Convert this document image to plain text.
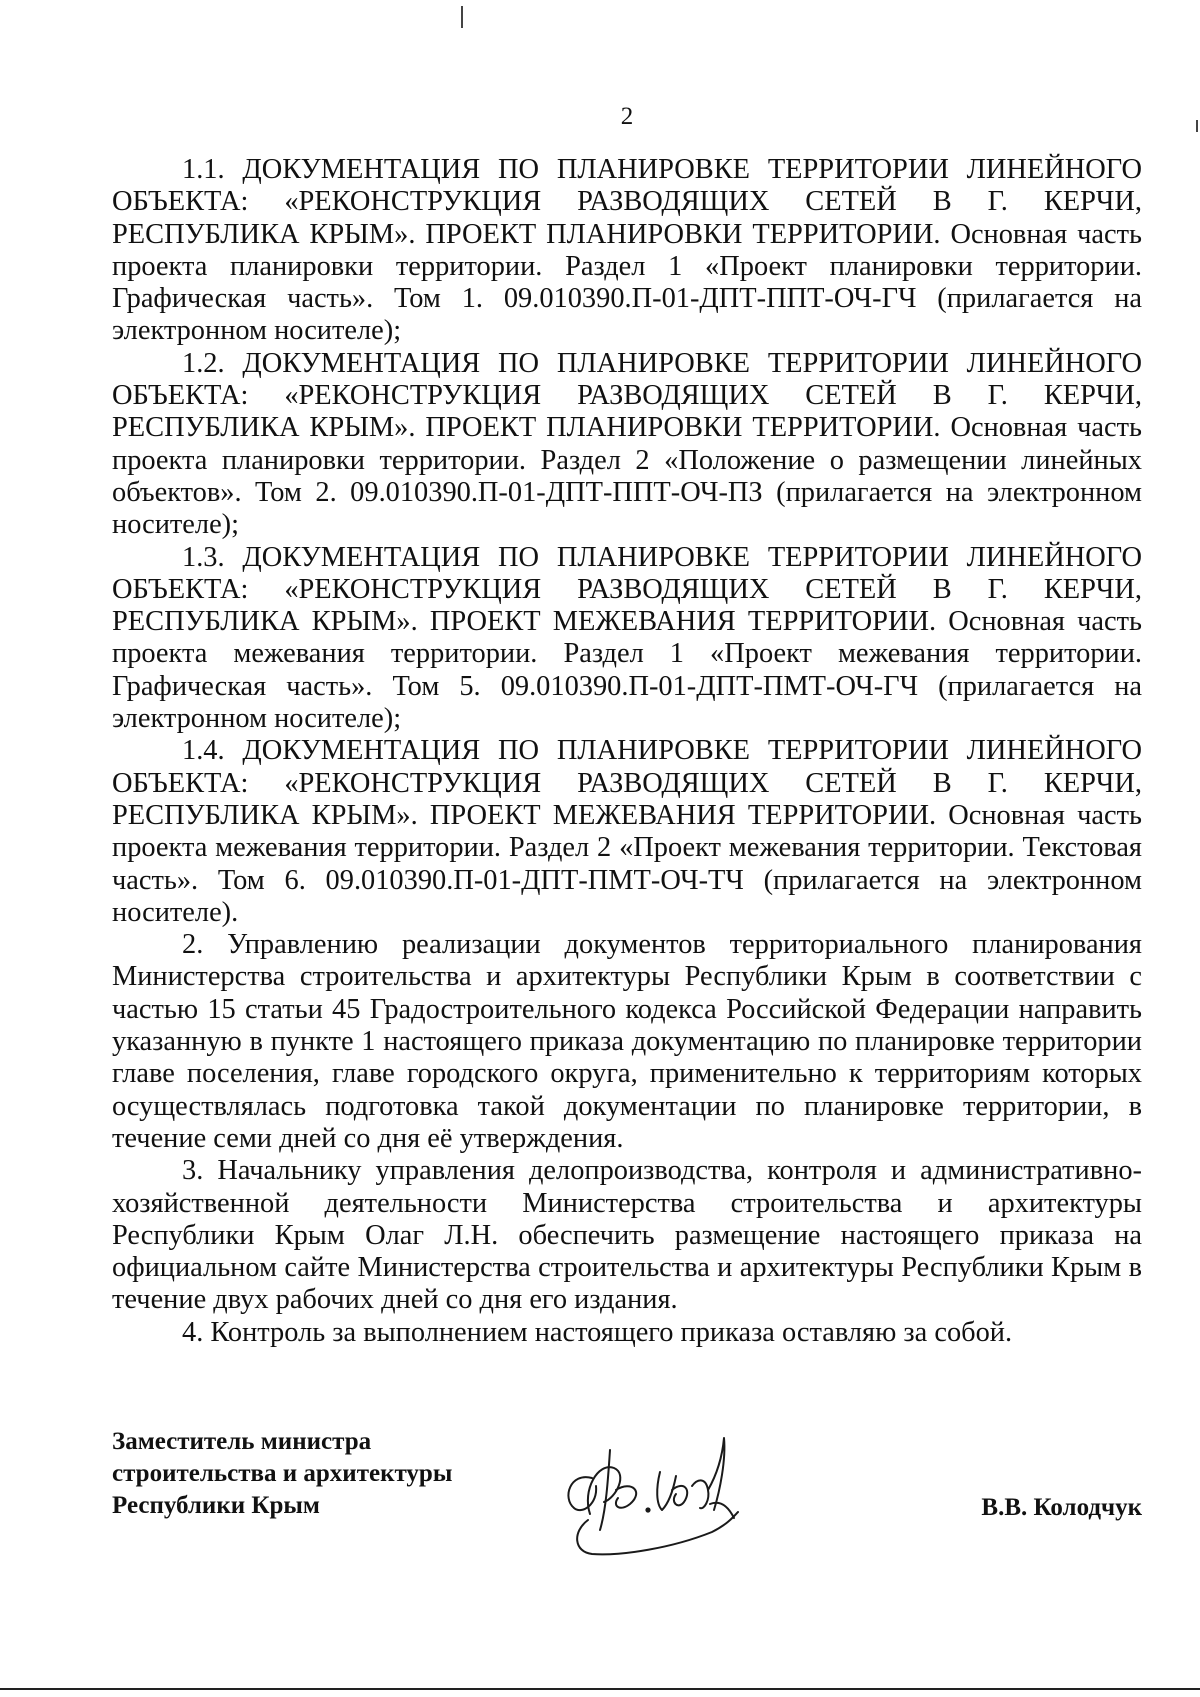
2

1.1. ДОКУМЕНТАЦИЯ ПО ПЛАНИРОВКЕ ТЕРРИТОРИИ ЛИНЕЙНОГО ОБЪЕКТА: «РЕКОНСТРУКЦИЯ РАЗВОДЯЩИХ СЕТЕЙ В Г. КЕРЧИ, РЕСПУБЛИКА КРЫМ». ПРОЕКТ ПЛАНИРОВКИ ТЕРРИТОРИИ. Основная часть проекта планировки территории. Раздел 1 «Проект планировки территории. Графическая часть». Том 1. 09.010390.П-01-ДПТ-ППТ-ОЧ-ГЧ (прилагается на электронном носителе);

1.2. ДОКУМЕНТАЦИЯ ПО ПЛАНИРОВКЕ ТЕРРИТОРИИ ЛИНЕЙНОГО ОБЪЕКТА: «РЕКОНСТРУКЦИЯ РАЗВОДЯЩИХ СЕТЕЙ В Г. КЕРЧИ, РЕСПУБЛИКА КРЫМ». ПРОЕКТ ПЛАНИРОВКИ ТЕРРИТОРИИ. Основная часть проекта планировки территории. Раздел 2 «Положение о размещении линейных объектов». Том 2. 09.010390.П-01-ДПТ-ППТ-ОЧ-ПЗ (прилагается на электронном носителе);

1.3. ДОКУМЕНТАЦИЯ ПО ПЛАНИРОВКЕ ТЕРРИТОРИИ ЛИНЕЙНОГО ОБЪЕКТА: «РЕКОНСТРУКЦИЯ РАЗВОДЯЩИХ СЕТЕЙ В Г. КЕРЧИ, РЕСПУБЛИКА КРЫМ». ПРОЕКТ МЕЖЕВАНИЯ ТЕРРИТОРИИ. Основная часть проекта межевания территории. Раздел 1 «Проект межевания территории. Графическая часть». Том 5. 09.010390.П-01-ДПТ-ПМТ-ОЧ-ГЧ (прилагается на электронном носителе);

1.4. ДОКУМЕНТАЦИЯ ПО ПЛАНИРОВКЕ ТЕРРИТОРИИ ЛИНЕЙНОГО ОБЪЕКТА: «РЕКОНСТРУКЦИЯ РАЗВОДЯЩИХ СЕТЕЙ В Г. КЕРЧИ, РЕСПУБЛИКА КРЫМ». ПРОЕКТ МЕЖЕВАНИЯ ТЕРРИТОРИИ. Основная часть проекта межевания территории. Раздел 2 «Проект межевания территории. Текстовая часть». Том 6. 09.010390.П-01-ДПТ-ПМТ-ОЧ-ТЧ (прилагается на электронном носителе).

2. Управлению реализации документов территориального планирования Министерства строительства и архитектуры Республики Крым в соответствии с частью 15 статьи 45 Градостроительного кодекса Российской Федерации направить указанную в пункте 1 настоящего приказа документацию по планировке территории главе поселения, главе городского округа, применительно к территориям которых осуществлялась подготовка такой документации по планировке территории, в течение семи дней со дня её утверждения.

3. Начальнику управления делопроизводства, контроля и административно-хозяйственной деятельности Министерства строительства и архитектуры Республики Крым Олаг Л.Н. обеспечить размещение настоящего приказа на официальном сайте Министерства строительства и архитектуры Республики Крым в течение двух рабочих дней со дня его издания.

4. Контроль за выполнением настоящего приказа оставляю за собой.

Заместитель министра
строительства и архитектуры
Республики Крым	В.В. Колодчук
